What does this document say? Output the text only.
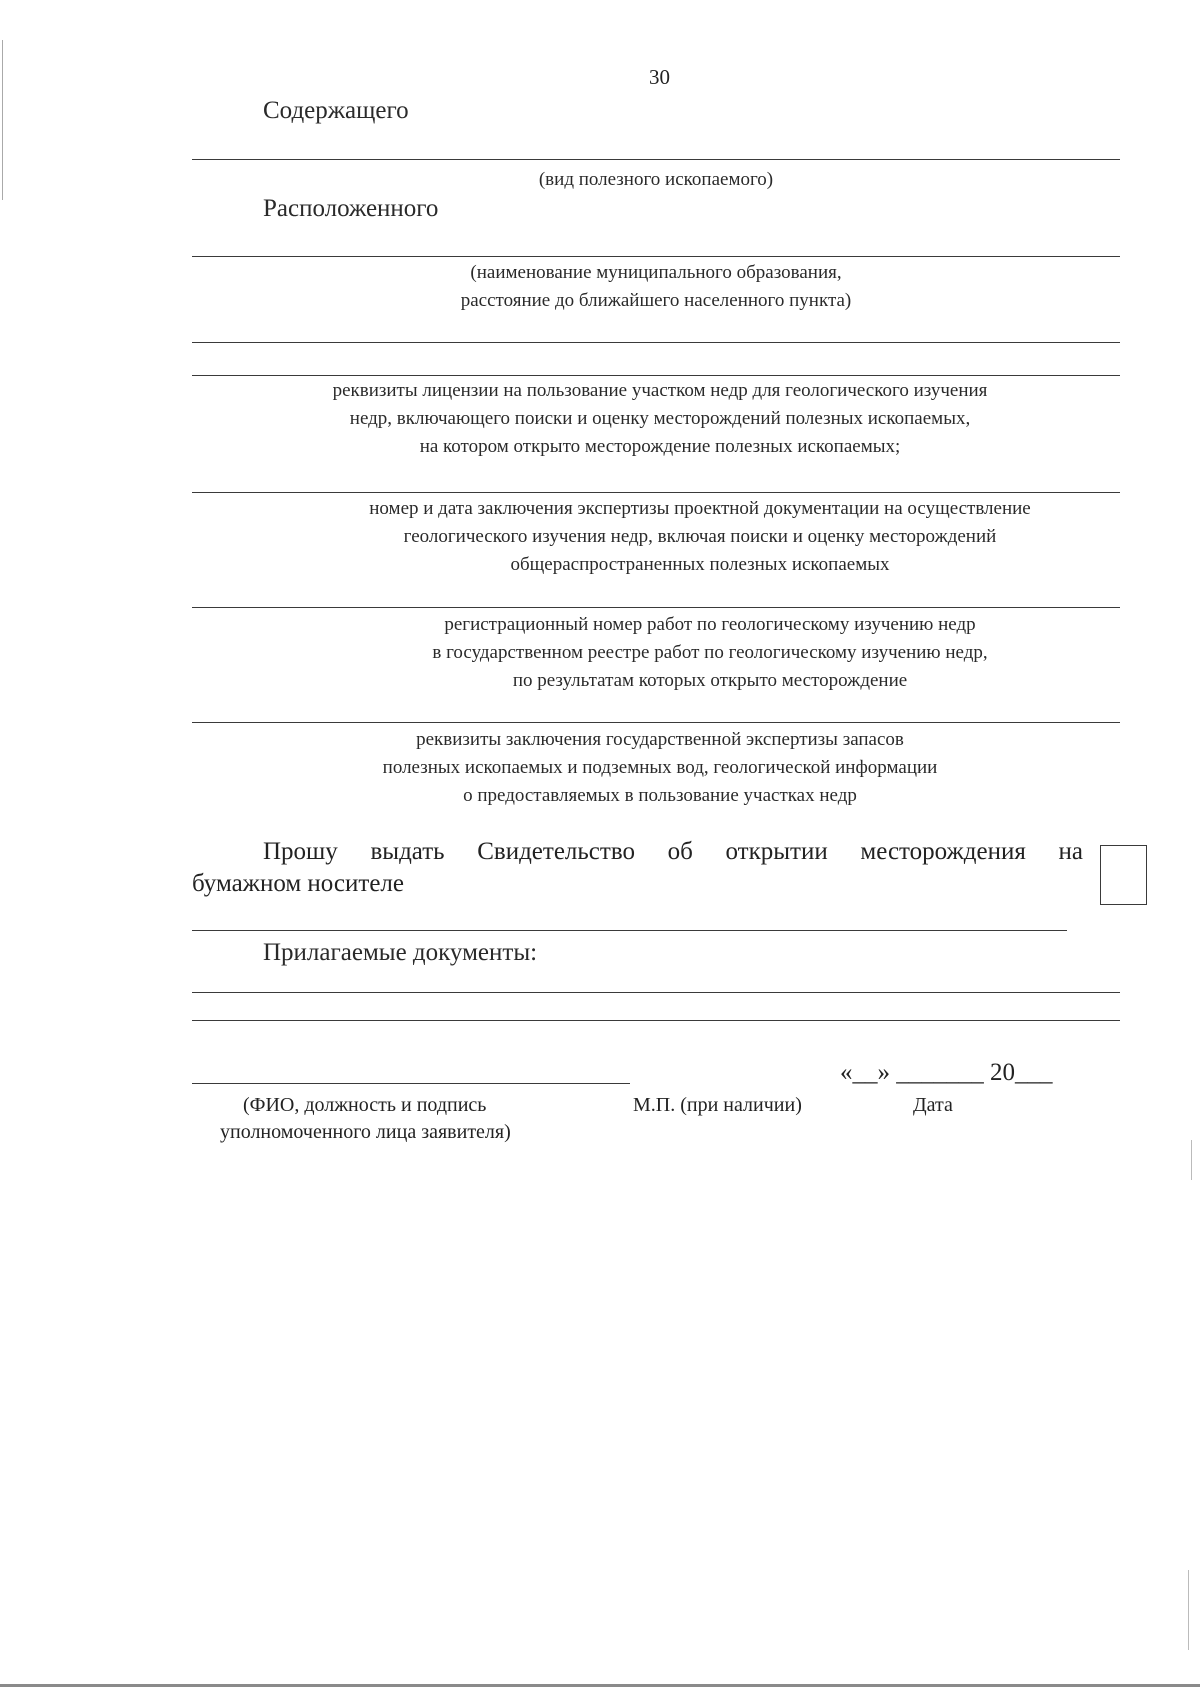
30
Содержащего
(вид полезного ископаемого)
Расположенного
(наименование муниципального образования,
расстояние до ближайшего населенного пункта)
реквизиты лицензии на пользование участком недр для геологического изучения
недр, включающего поиски и оценку месторождений полезных ископаемых,
на котором открыто месторождение полезных ископаемых;
номер и дата заключения экспертизы проектной документации на осуществление
геологического изучения недр, включая поиски и оценку месторождений
общераспространенных полезных ископаемых
регистрационный номер работ по геологическому изучению недр
в государственном реестре работ по геологическому изучению недр,
по результатам которых открыто месторождение
реквизиты заключения государственной экспертизы запасов
полезных ископаемых и подземных вод, геологической информации
о предоставляемых в пользование участках недр
Прошу выдать Свидетельство об открытии месторождения на
бумажном носителе
Прилагаемые документы:
«__» _______ 20___
(ФИО, должность и подпись
уполномоченного лица заявителя)
М.П. (при наличии)	Дата
